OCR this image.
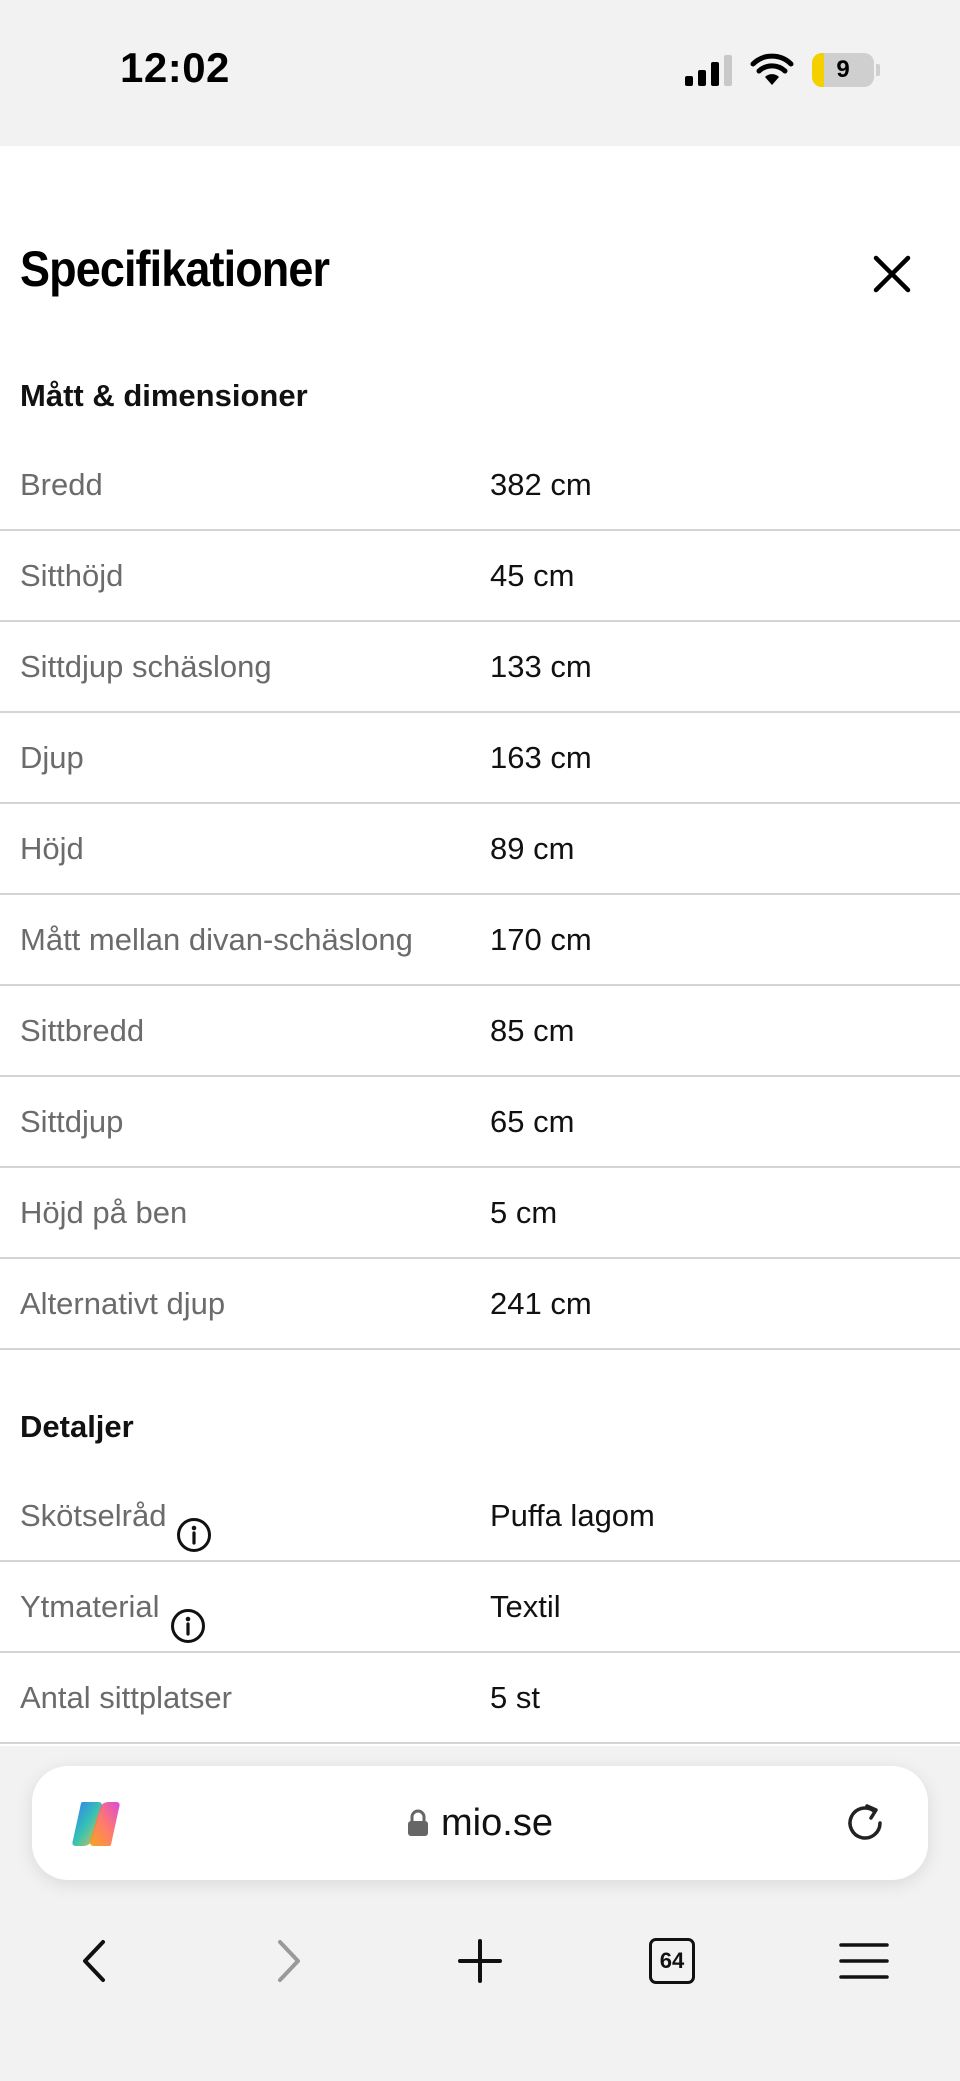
12:02	9
Specifikationer
Mått & dimensioner
Bredd	382 cm
Sitthöjd	45 cm
Sittdjup schäslong	133 cm
Djup	163 cm
Höjd	89 cm
Mått mellan divan-schäslong 170 cm
Sittbredd	85 cm
Sittdjup	65 cm
Höjd på ben	5 cm
Alternativt djup	241 cm
Detaljer
Skötselråd	Puffa lagom
Ytmaterial	Textil
Antal sittplatser	5 st
mio.se
64
